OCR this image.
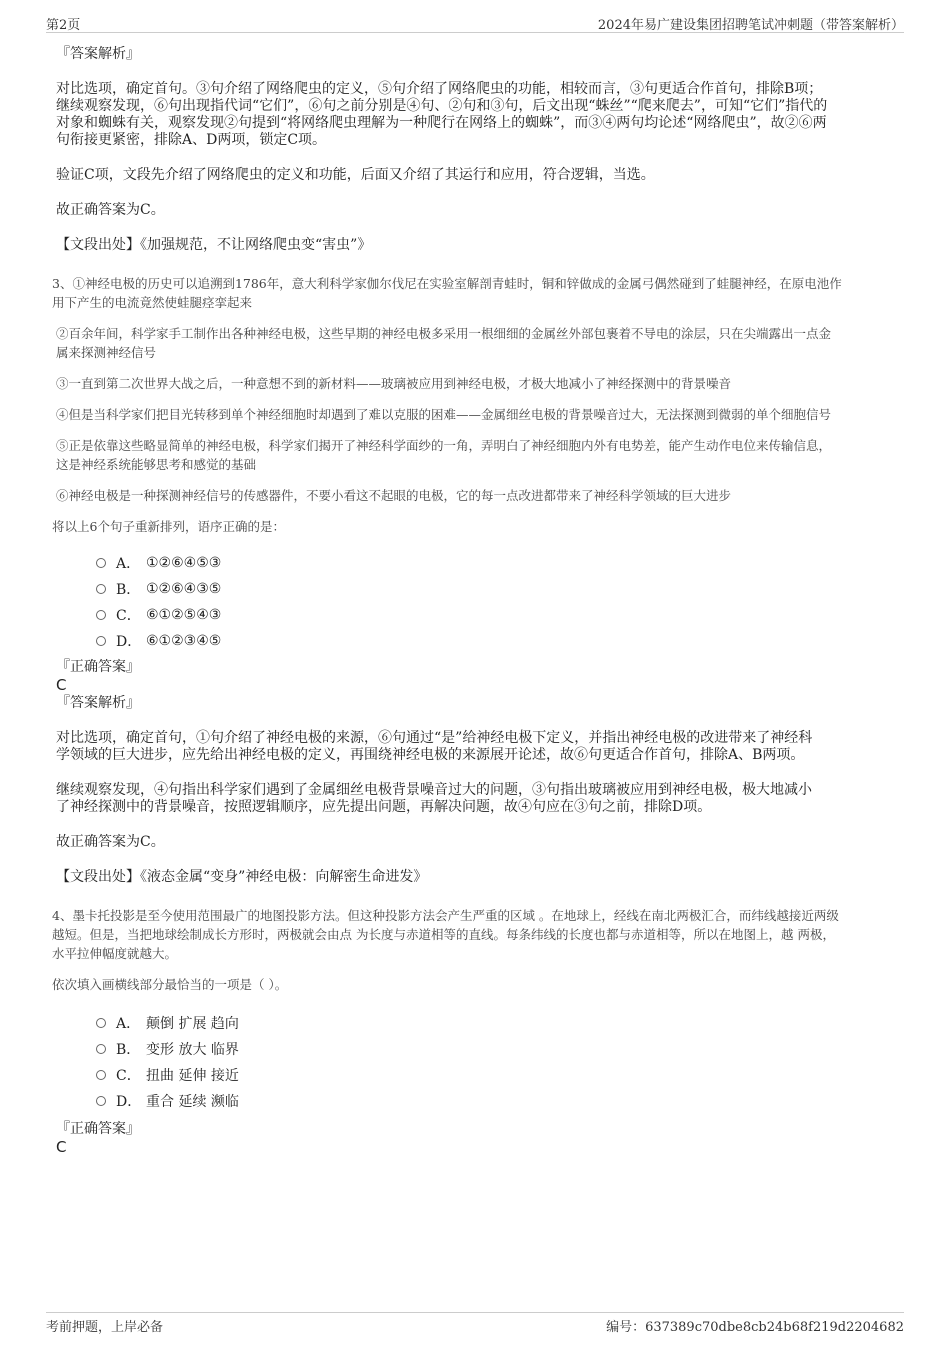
第2页	2024年易广建设集团招聘笔试冲刺题（带答案解析）
『答案解析』
对比选项，确定首句。③句介绍了网络爬虫的定义，⑤句介绍了网络爬虫的功能，相较而言，③句更适合作首句，排除B项；
继续观察发现，⑥句出现指代词“它们”，⑥句之前分别是④句、②句和③句，后文出现“蛛丝”“爬来爬去”，可知“它们”指代的
对象和蜘蛛有关，观察发现②句提到“将网络爬虫理解为一种爬行在网络上的蜘蛛”，而③④两句均论述“网络爬虫”，故②⑥两
句衔接更紧密，排除A、D两项，锁定C项。
验证C项，文段先介绍了网络爬虫的定义和功能，后面又介绍了其运行和应用，符合逻辑，当选。
故正确答案为C。
【文段出处】《加强规范，不让网络爬虫变“害虫”》
3、①神经电极的历史可以追溯到1786年，意大利科学家伽尔伐尼在实验室解剖青蛙时，铜和锌做成的金属弓偶然碰到了蛙腿神经，在原电池作
用下产生的电流竟然使蛙腿痉挛起来
②百余年间，科学家手工制作出各种神经电极，这些早期的神经电极多采用一根细细的金属丝外部包裹着不导电的涂层，只在尖端露出一点金
属来探测神经信号
③一直到第二次世界大战之后，一种意想不到的新材料——玻璃被应用到神经电极，才极大地减小了神经探测中的背景噪音
④但是当科学家们把目光转移到单个神经细胞时却遇到了难以克服的困难——金属细丝电极的背景噪音过大，无法探测到微弱的单个细胞信号
⑤正是依靠这些略显简单的神经电极，科学家们揭开了神经科学面纱的一角，弄明白了神经细胞内外有电势差，能产生动作电位来传输信息，
这是神经系统能够思考和感觉的基础
⑥神经电极是一种探测神经信号的传感器件，不要小看这不起眼的电极，它的每一点改进都带来了神经科学领域的巨大进步
将以上6个句子重新排列，语序正确的是：
A． ①②⑥④⑤③
B． ①②⑥④③⑤
C． ⑥①②⑤④③
D． ⑥①②③④⑤
『正确答案』
C
『答案解析』
对比选项，确定首句，①句介绍了神经电极的来源，⑥句通过“是”给神经电极下定义，并指出神经电极的改进带来了神经科
学领域的巨大进步，应先给出神经电极的定义，再围绕神经电极的来源展开论述，故⑥句更适合作首句，排除A、B两项。
继续观察发现，④句指出科学家们遇到了金属细丝电极背景噪音过大的问题，③句指出玻璃被应用到神经电极，极大地减小
了神经探测中的背景噪音，按照逻辑顺序，应先提出问题，再解决问题，故④句应在③句之前，排除D项。
故正确答案为C。
【文段出处】《液态金属“变身”神经电极：向解密生命进发》
4、墨卡托投影是至今使用范围最广的地图投影方法。但这种投影方法会产生严重的区域 。在地球上，经线在南北两极汇合，而纬线越接近两级
越短。但是，当把地球绘制成长方形时，两极就会由点 为长度与赤道相等的直线。每条纬线的长度也都与赤道相等，所以在地图上，越 两极，
水平拉伸幅度就越大。
依次填入画横线部分最恰当的一项是（ ）。
A． 颠倒 扩展 趋向
B． 变形 放大 临界
C． 扭曲 延伸 接近
D． 重合 延续 濒临
『正确答案』
C
考前押题，上岸必备	编号：637389c70dbe8cb24b68f219d2204682
